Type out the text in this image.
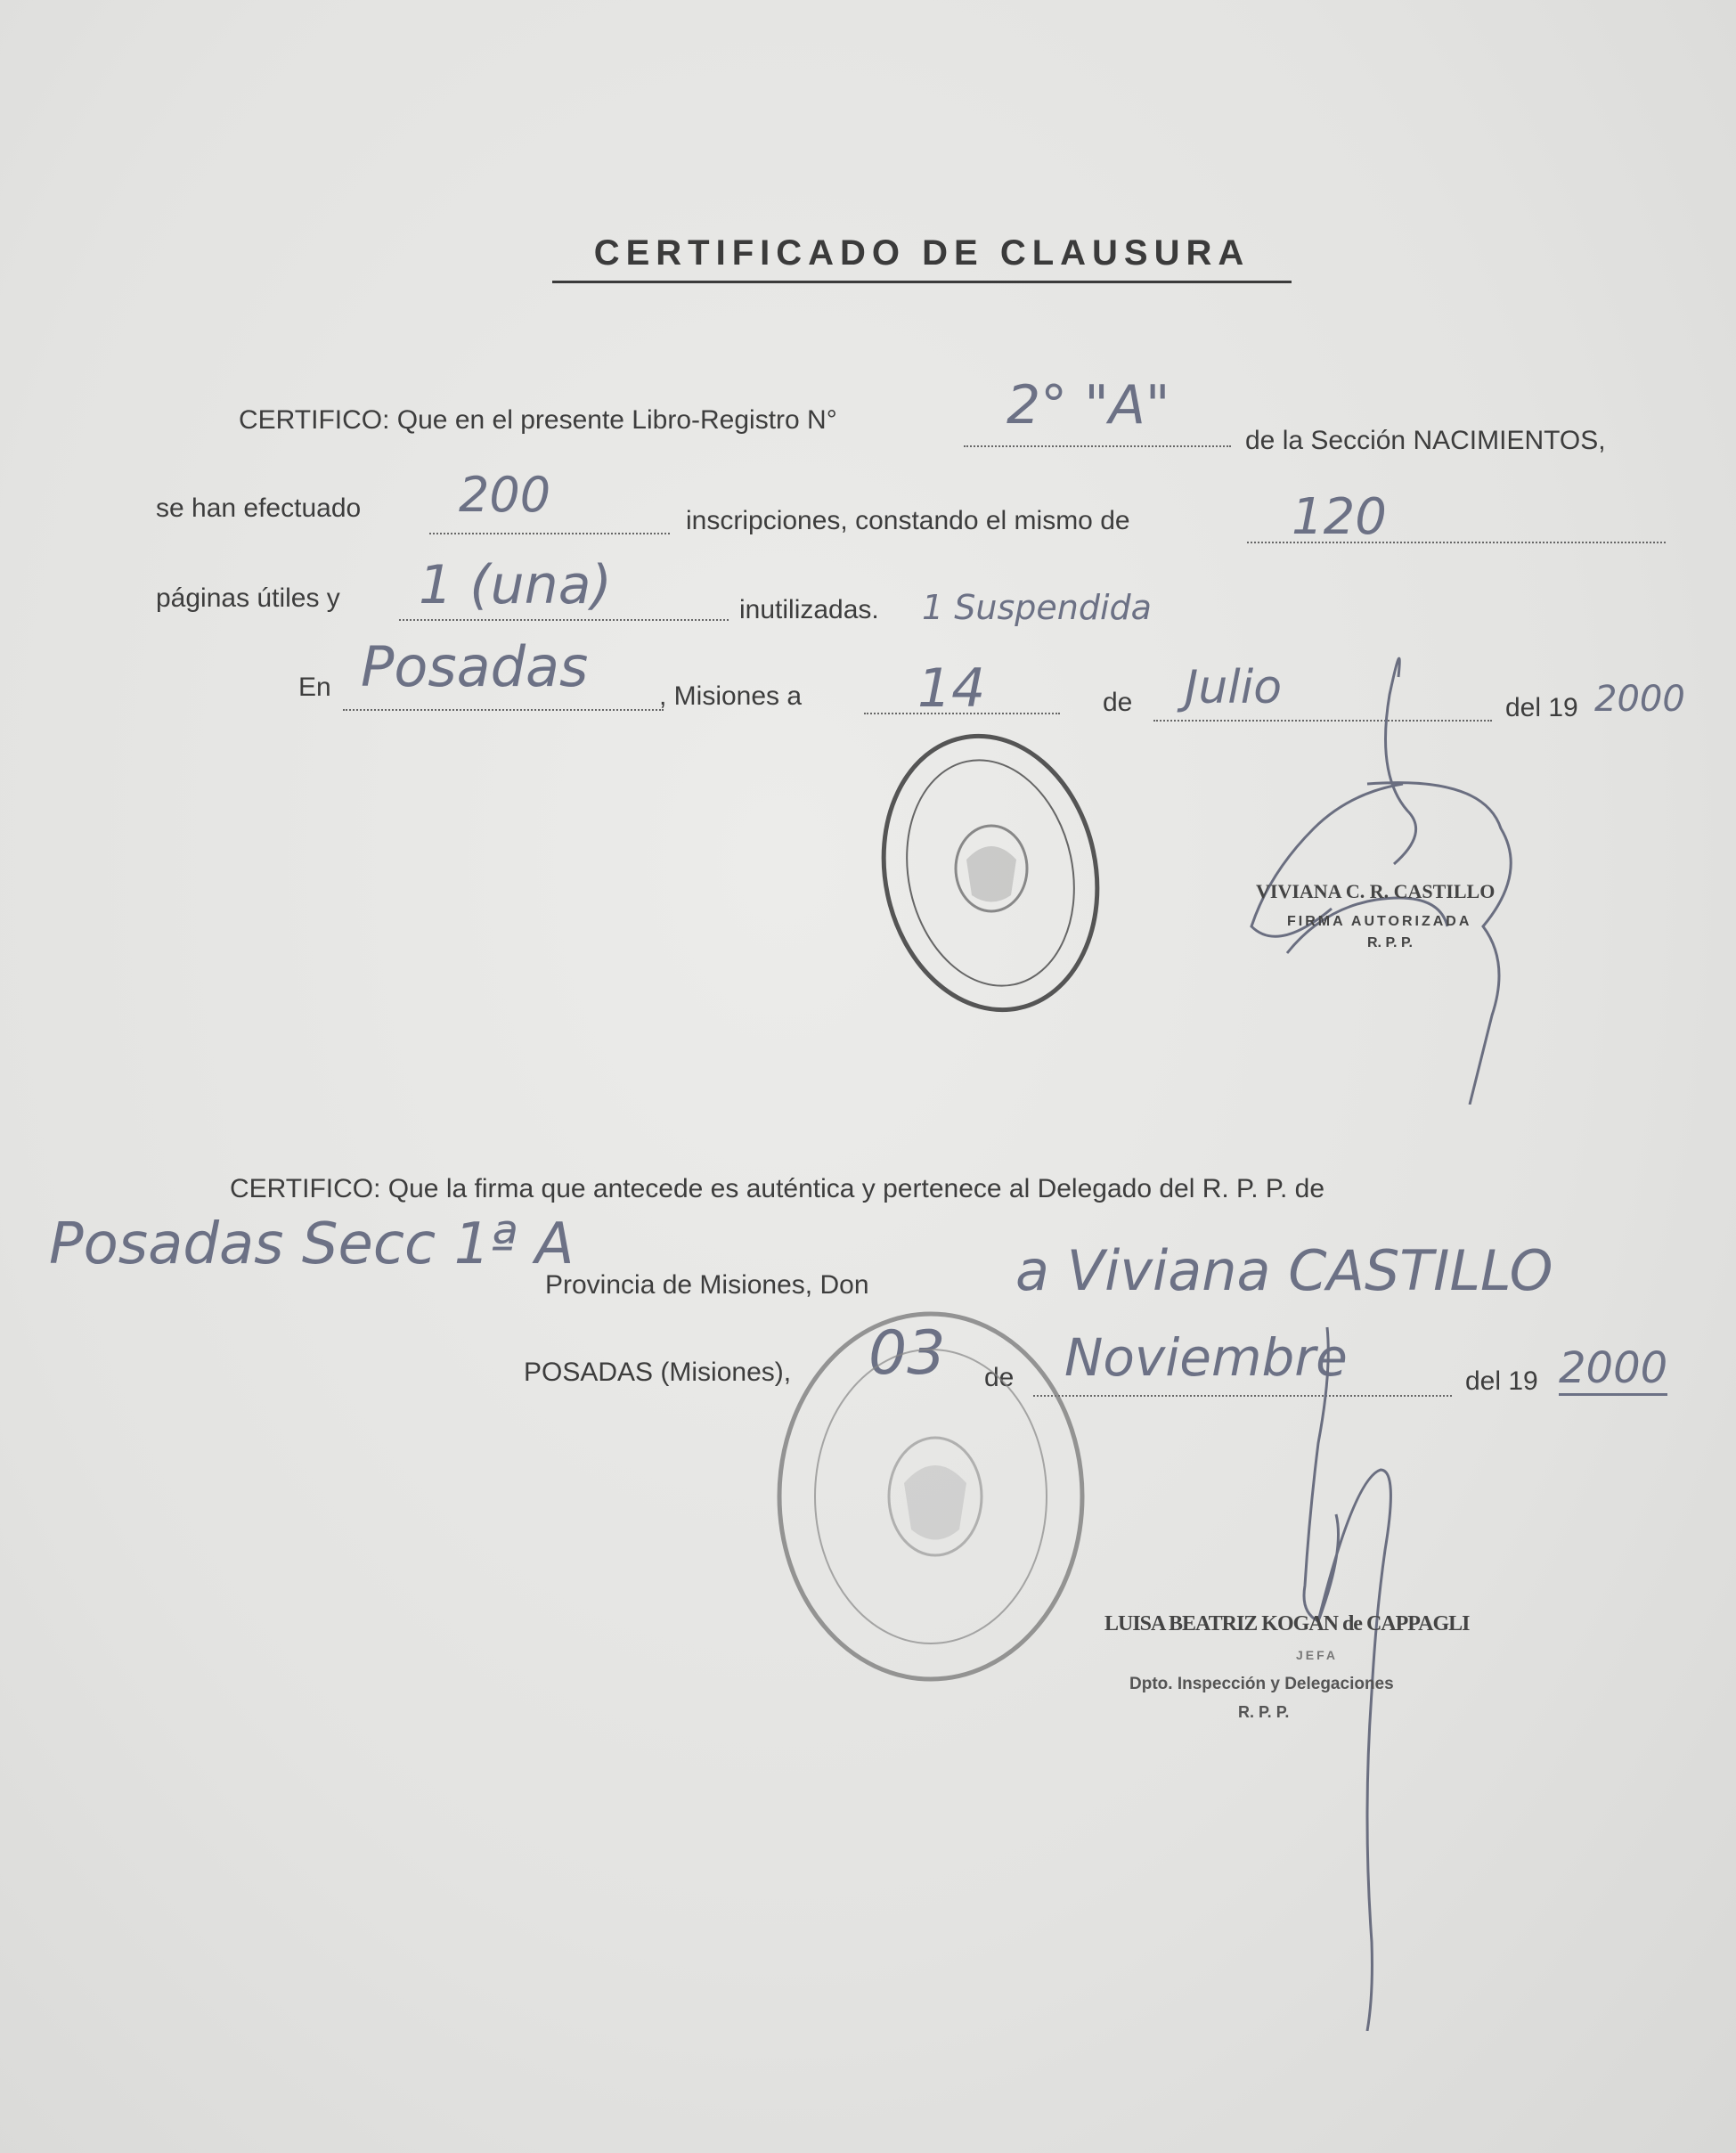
CERTIFICADO DE CLAUSURA
CERTIFICO: Que en el presente Libro-Registro N°	2° "A"
de la Sección NACIMIENTOS,
se han efectuado 200	inscripciones, constando el mismo de	120
páginas útiles y 1 (una)	inutilizadas. 1 Suspendida
En Posadas	, Misiones a 14	de Julio	del 19 2000
VIVIANA C. R. CASTILLO
FIRMA AUTORIZADA
R. P. P.
CERTIFICO: Que la firma que antecede es auténtica y pertenece al Delegado del R. P. P. de
Posadas Secc 1ª A
Provincia de Misiones, Don	a Viviana CASTILLO
POSADAS (Misiones), 03 de Noviembre	del 19 2000
LUISA BEATRIZ KOGAN de CAPPAGLI
JEFA
Dpto. Inspección y Delegaciones
R. P. P.
